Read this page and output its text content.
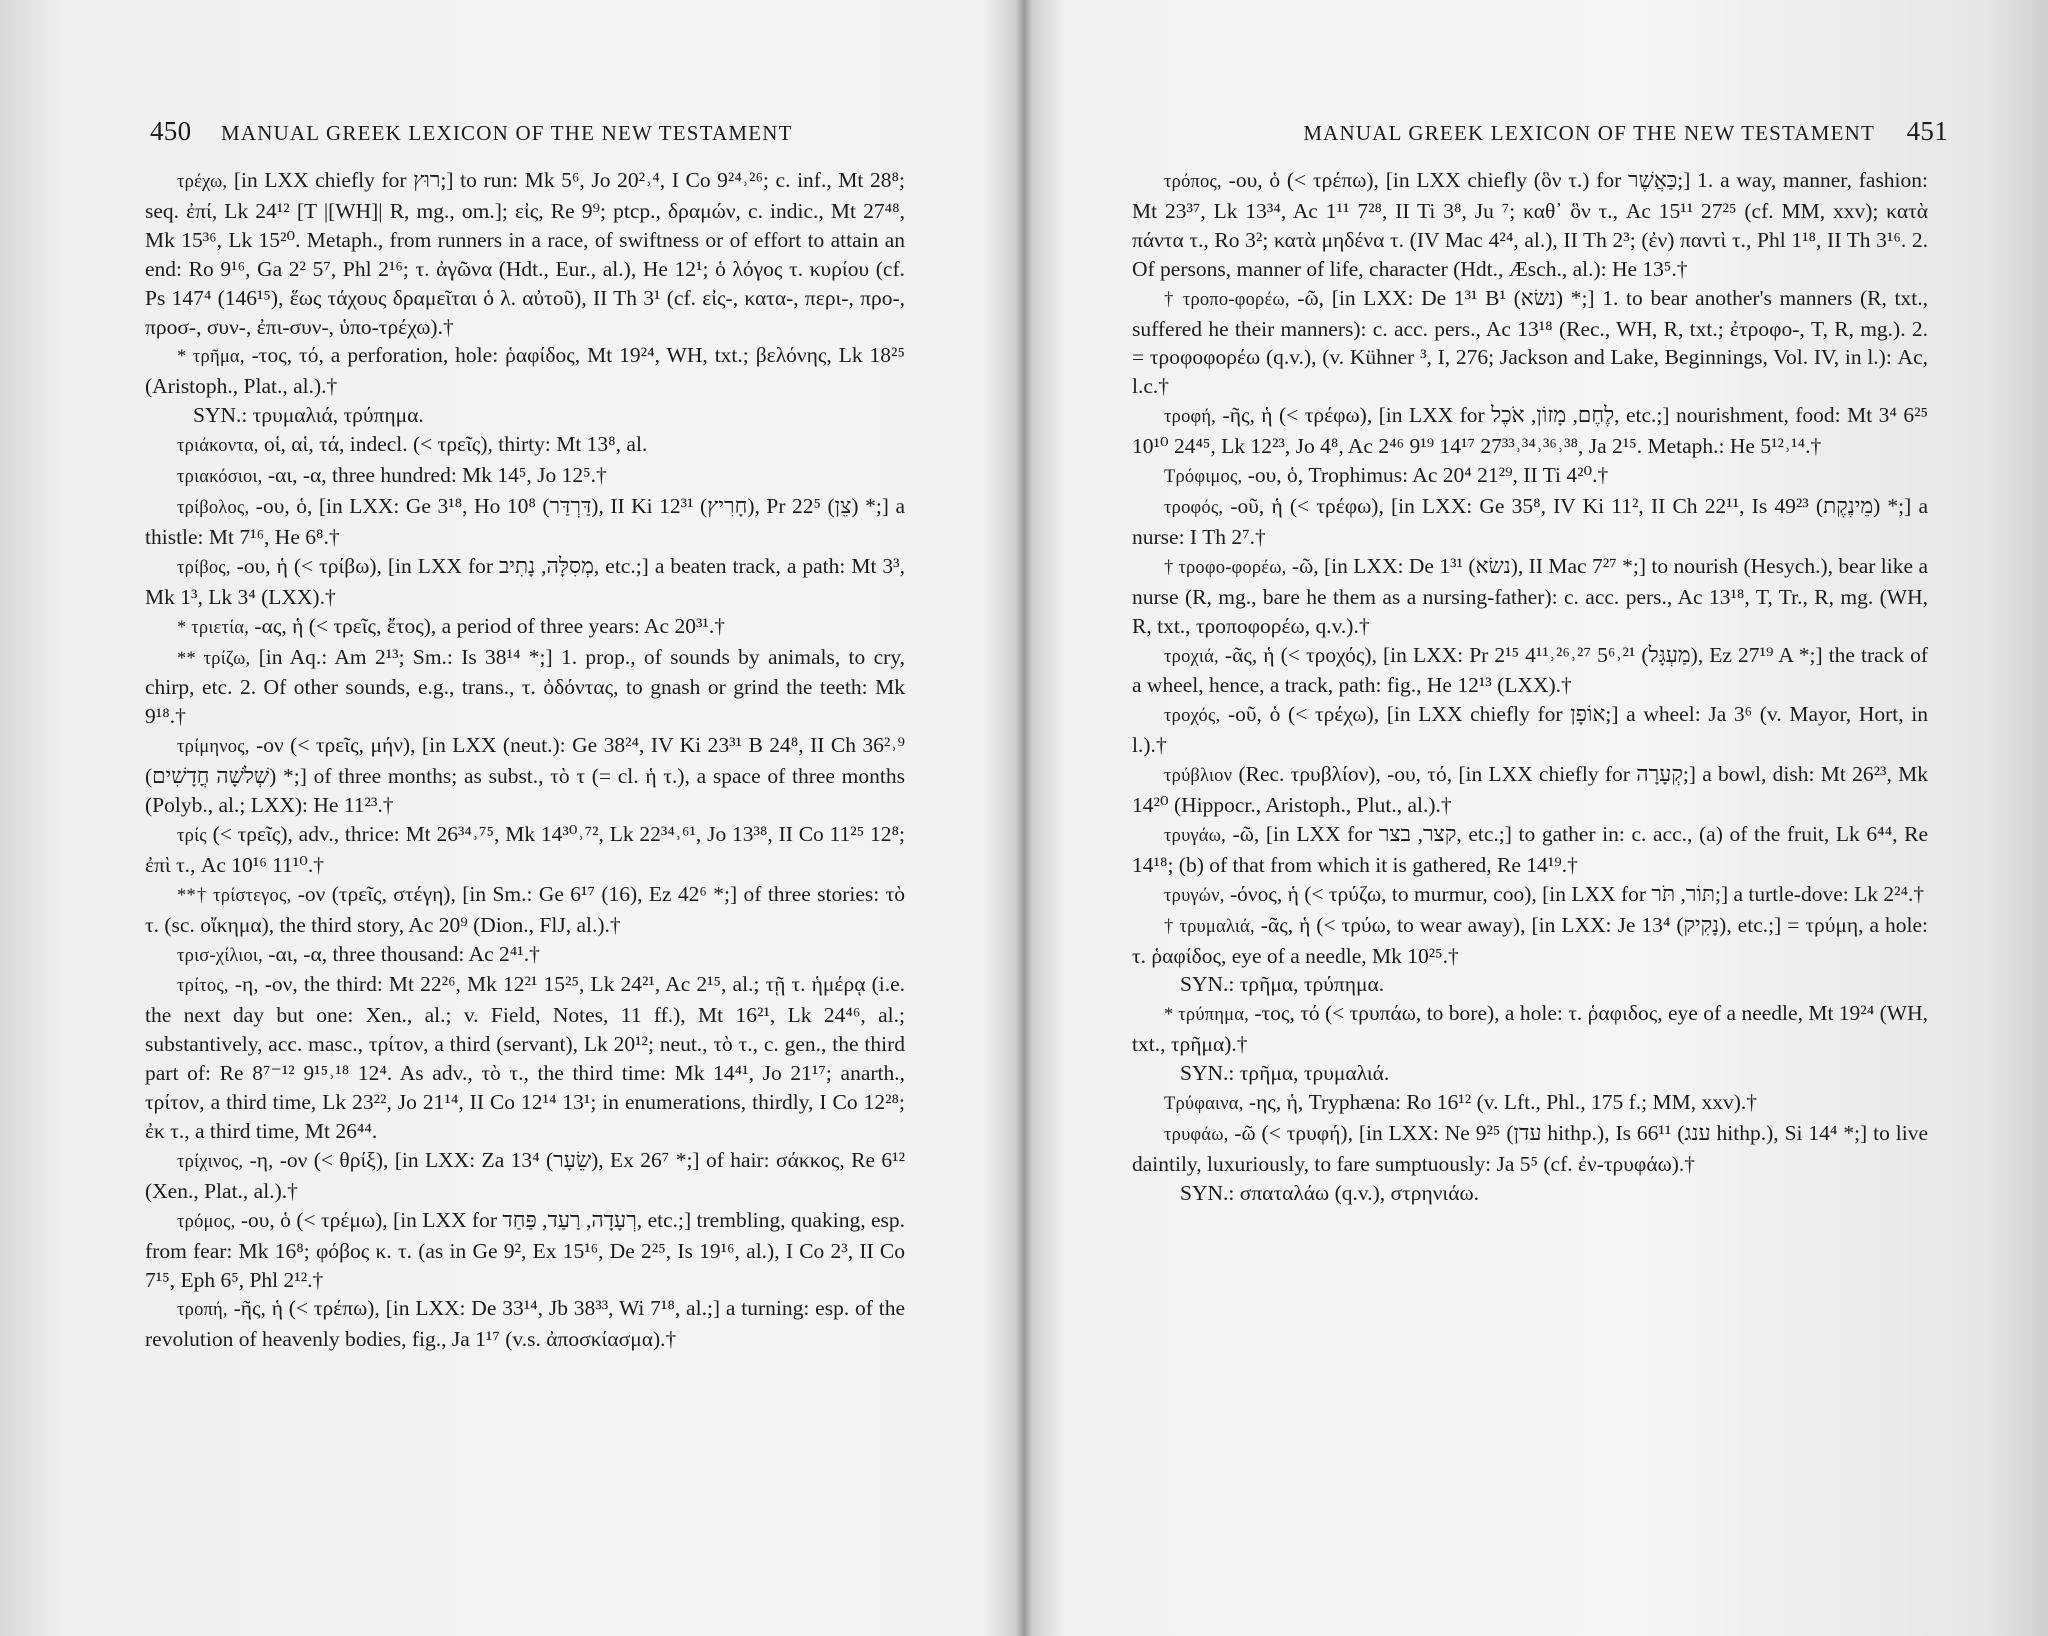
450 MANUAL GREEK LEXICON OF THE NEW TESTAMENT

τρέχω, [in LXX chiefly for רוּץ;] to run: Mk 5⁶, Jo 20²˒⁴, I Co 9²⁴˒²⁶; c. inf., Mt 28⁸; seq. ἐπί, Lk 24¹² [T |[WH]| R, mg., om.]; εἰς, Re 9⁹; ptcp., δραμών, c. indic., Mt 27⁴⁸, Mk 15³⁶, Lk 15²⁰. Metaph., from runners in a race, of swiftness or of effort to attain an end: Ro 9¹⁶, Ga 2² 5⁷, Phl 2¹⁶; τ. ἀγῶνα (Hdt., Eur., al.), He 12¹; ὁ λόγος τ. κυρίου (cf. Ps 147⁴ (146¹⁵), ἕως τάχους δραμεῖται ὁ λ. αὐτοῦ), II Th 3¹ (cf. εἰς-, κατα-, περι-, προ-, προσ-, συν-, ἐπι-συν-, ὑπο-τρέχω).†

* τρῆμα, -τος, τό, a perforation, hole: ῥαφίδος, Mt 19²⁴, WH, txt.; βελόνης, Lk 18²⁵ (Aristoph., Plat., al.).†

SYN.: τρυμαλιά, τρύπημα.

τριάκοντα, οἱ, αἱ, τά, indecl. (< τρεῖς), thirty: Mt 13⁸, al.

τριακόσιοι, -αι, -α, three hundred: Mk 14⁵, Jo 12⁵.†

τρίβολος, -ου, ὁ, [in LXX: Ge 3¹⁸, Ho 10⁸ (דַּרְדַּר), II Ki 12³¹ (חָרִיץ), Pr 22⁵ (צֵן) *;] a thistle: Mt 7¹⁶, He 6⁸.†

τρίβος, -ου, ἡ (< τρίβω), [in LXX for מְסִלָּה, נָתִיב, etc.;] a beaten track, a path: Mt 3³, Mk 1³, Lk 3⁴ (LXX).†

* τριετία, -ας, ἡ (< τρεῖς, ἔτος), a period of three years: Ac 20³¹.†

** τρίζω, [in Aq.: Am 2¹³; Sm.: Is 38¹⁴ *;] 1. prop., of sounds by animals, to cry, chirp, etc. 2. Of other sounds, e.g., trans., τ. ὀδόντας, to gnash or grind the teeth: Mk 9¹⁸.†

τρίμηνος, -ον (< τρεῖς, μήν), [in LXX (neut.): Ge 38²⁴, IV Ki 23³¹ B 24⁸, II Ch 36²˒⁹ (שְׁלֹשָׁה חֳדָשִׁים) *;] of three months; as subst., τὸ τ (= cl. ἡ τ.), a space of three months (Polyb., al.; LXX): He 11²³.†

τρίς (< τρεῖς), adv., thrice: Mt 26³⁴˒⁷⁵, Mk 14³⁰˒⁷², Lk 22³⁴˒⁶¹, Jo 13³⁸, II Co 11²⁵ 12⁸; ἐπὶ τ., Ac 10¹⁶ 11¹⁰.†

**† τρίστεγος, -ον (τρεῖς, στέγη), [in Sm.: Ge 6¹⁷ (16), Ez 42⁶ *;] of three stories: τὸ τ. (sc. οἴκημα), the third story, Ac 20⁹ (Dion., FlJ, al.).†

τρισ-χίλιοι, -αι, -α, three thousand: Ac 2⁴¹.†

τρίτος, -η, -ον, the third: Mt 22²⁶, Mk 12²¹ 15²⁵, Lk 24²¹, Ac 2¹⁵, al.; τῇ τ. ἡμέρᾳ (i.e. the next day but one: Xen., al.; v. Field, Notes, 11 ff.), Mt 16²¹, Lk 24⁴⁶, al.; substantively, acc. masc., τρίτον, a third (servant), Lk 20¹²; neut., τὸ τ., c. gen., the third part of: Re 8⁷⁻¹² 9¹⁵˒¹⁸ 12⁴. As adv., τὸ τ., the third time: Mk 14⁴¹, Jo 21¹⁷; anarth., τρίτον, a third time, Lk 23²², Jo 21¹⁴, II Co 12¹⁴ 13¹; in enumerations, thirdly, I Co 12²⁸; ἐκ τ., a third time, Mt 26⁴⁴.

τρίχινος, -η, -ον (< θρίξ), [in LXX: Za 13⁴ (שֵׂעָר), Ex 26⁷ *;] of hair: σάκκος, Re 6¹² (Xen., Plat., al.).†

τρόμος, -ου, ὁ (< τρέμω), [in LXX for רְעָדָה, רַעַד, פַּחַד, etc.;] trembling, quaking, esp. from fear: Mk 16⁸; φόβος κ. τ. (as in Ge 9², Ex 15¹⁶, De 2²⁵, Is 19¹⁶, al.), I Co 2³, II Co 7¹⁵, Eph 6⁵, Phl 2¹².†

τροπή, -ῆς, ἡ (< τρέπω), [in LXX: De 33¹⁴, Jb 38³³, Wi 7¹⁸, al.;] a turning: esp. of the revolution of heavenly bodies, fig., Ja 1¹⁷ (v.s. ἀποσκίασμα).†

MANUAL GREEK LEXICON OF THE NEW TESTAMENT 451

τρόπος, -ου, ὁ (< τρέπω), [in LXX chiefly (ὃν τ.) for כַּאֲשֶׁר;] 1. a way, manner, fashion: Mt 23³⁷, Lk 13³⁴, Ac 1¹¹ 7²⁸, II Ti 3⁸, Ju ⁷; καθ᾿ ὃν τ., Ac 15¹¹ 27²⁵ (cf. MM, xxv); κατὰ πάντα τ., Ro 3²; κατὰ μηδένα τ. (IV Mac 4²⁴, al.), II Th 2³; (ἐν) παντὶ τ., Phl 1¹⁸, II Th 3¹⁶. 2. Of persons, manner of life, character (Hdt., Æsch., al.): He 13⁵.†

† τροπο-φορέω, -ῶ, [in LXX: De 1³¹ B¹ (נשׂא) *;] 1. to bear another's manners (R, txt., suffered he their manners): c. acc. pers., Ac 13¹⁸ (Rec., WH, R, txt.; ἐτροφο-, T, R, mg.). 2. = τροφοφορέω (q.v.), (v. Kühner ³, I, 276; Jackson and Lake, Beginnings, Vol. IV, in l.): Ac, l.c.†

τροφή, -ῆς, ἡ (< τρέφω), [in LXX for לֶחֶם, מָזוֹן, אֹכֶל, etc.;] nourishment, food: Mt 3⁴ 6²⁵ 10¹⁰ 24⁴⁵, Lk 12²³, Jo 4⁸, Ac 2⁴⁶ 9¹⁹ 14¹⁷ 27³³˒³⁴˒³⁶˒³⁸, Ja 2¹⁵. Metaph.: He 5¹²˒¹⁴.†

Τρόφιμος, -ου, ὁ, Trophimus: Ac 20⁴ 21²⁹, II Ti 4²⁰.†

τροφός, -οῦ, ἡ (< τρέφω), [in LXX: Ge 35⁸, IV Ki 11², II Ch 22¹¹, Is 49²³ (מֵינֶקֶת) *;] a nurse: I Th 2⁷.†

† τροφο-φορέω, -ῶ, [in LXX: De 1³¹ (נשׂא), II Mac 7²⁷ *;] to nourish (Hesych.), bear like a nurse (R, mg., bare he them as a nursing-father): c. acc. pers., Ac 13¹⁸, T, Tr., R, mg. (WH, R, txt., τροποφορέω, q.v.).†

τροχιά, -ᾶς, ἡ (< τροχός), [in LXX: Pr 2¹⁵ 4¹¹˒²⁶˒²⁷ 5⁶˒²¹ (מַעְגָּל), Ez 27¹⁹ A *;] the track of a wheel, hence, a track, path: fig., He 12¹³ (LXX).†

τροχός, -οῦ, ὁ (< τρέχω), [in LXX chiefly for אוֹפָן;] a wheel: Ja 3⁶ (v. Mayor, Hort, in l.).†

τρύβλιον (Rec. τρυβλίον), -ου, τό, [in LXX chiefly for קְעָרָה;] a bowl, dish: Mt 26²³, Mk 14²⁰ (Hippocr., Aristoph., Plut., al.).†

τρυγάω, -ῶ, [in LXX for קצר, בצר, etc.;] to gather in: c. acc., (a) of the fruit, Lk 6⁴⁴, Re 14¹⁸; (b) of that from which it is gathered, Re 14¹⁹.†

τρυγών, -όνος, ἡ (< τρύζω, to murmur, coo), [in LXX for תּוֹר, תֹּר;] a turtle-dove: Lk 2²⁴.†

† τρυμαλιά, -ᾶς, ἡ (< τρύω, to wear away), [in LXX: Je 13⁴ (נָקִיק), etc.;] = τρύμη, a hole: τ. ῥαφίδος, eye of a needle, Mk 10²⁵.†

SYN.: τρῆμα, τρύπημα.

* τρύπημα, -τος, τό (< τρυπάω, to bore), a hole: τ. ῥαφιδος, eye of a needle, Mt 19²⁴ (WH, txt., τρῆμα).†

SYN.: τρῆμα, τρυμαλιά.

Τρύφαινα, -ης, ἡ, Tryphæna: Ro 16¹² (v. Lft., Phl., 175 f.; MM, xxv).†

τρυφάω, -ῶ (< τρυφή), [in LXX: Ne 9²⁵ (עדן hithp.), Is 66¹¹ (ענג hithp.), Si 14⁴ *;] to live daintily, luxuriously, to fare sumptuously: Ja 5⁵ (cf. ἐν-τρυφάω).†

SYN.: σπαταλάω (q.v.), στρηνιάω.
